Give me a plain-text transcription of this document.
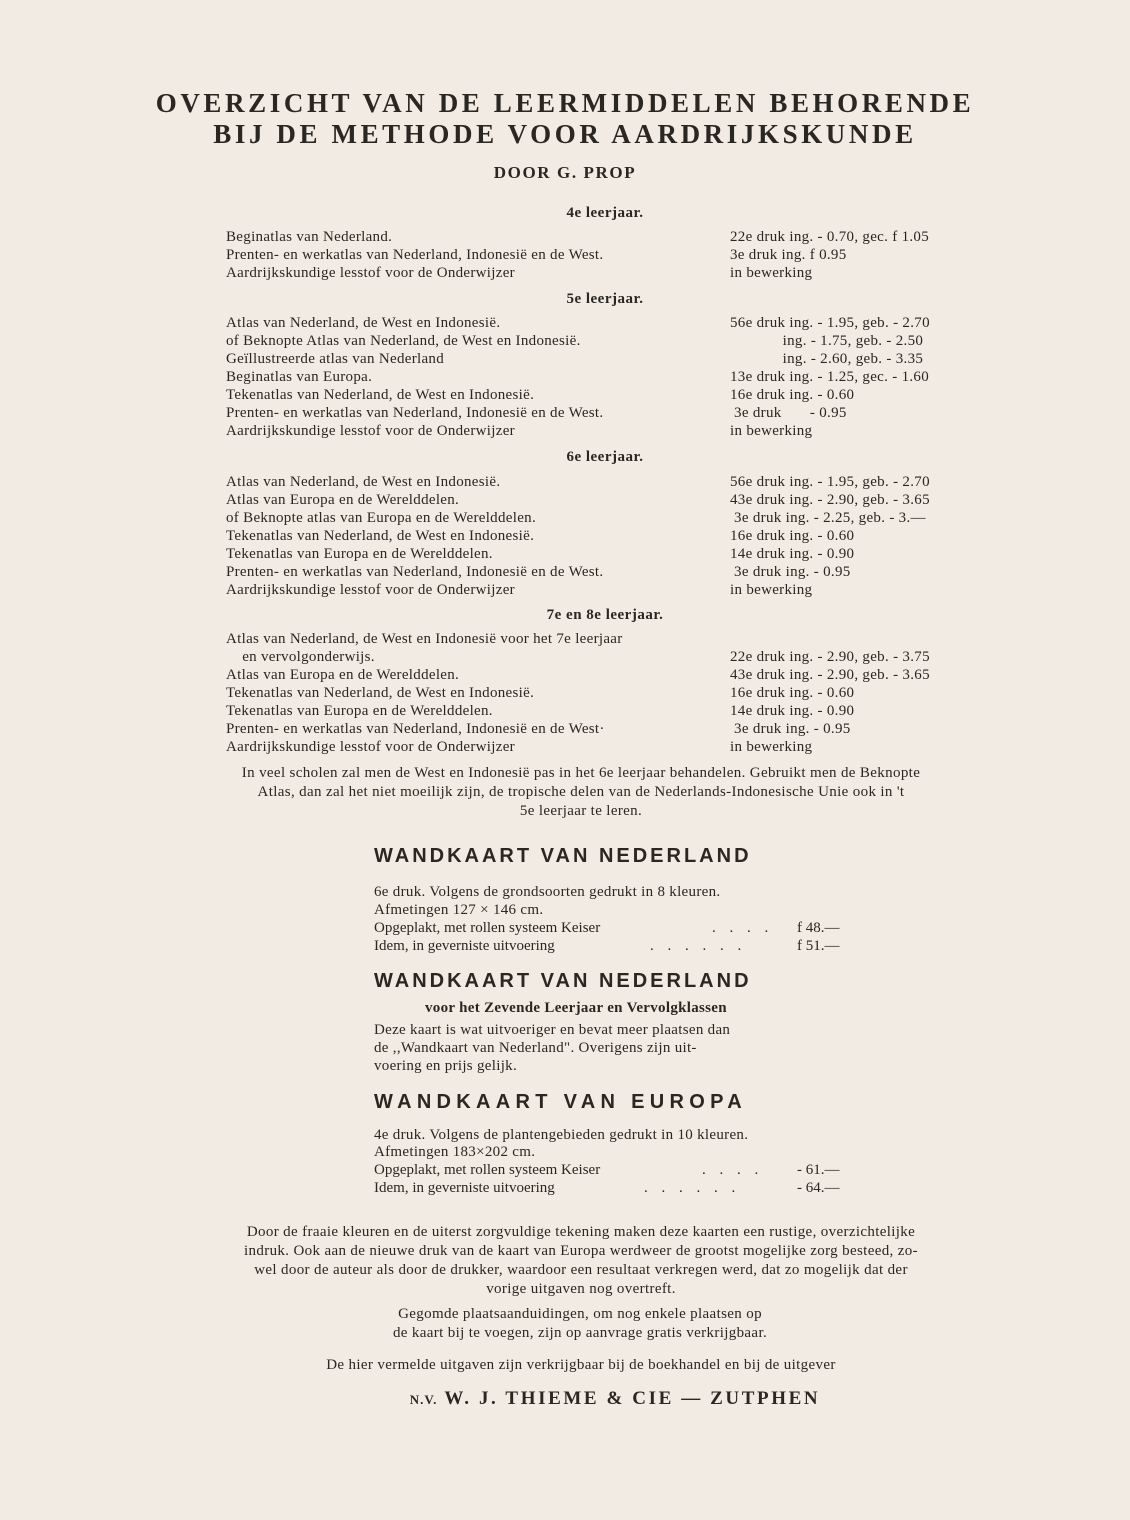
OVERZICHT VAN DE LEERMIDDELEN BEHORENDE
BIJ DE METHODE VOOR AARDRIJKSKUNDE
DOOR G. PROP
4e leerjaar.
Beginatlas van Nederland.	22e druk ing. - 0.70, gec. f 1.05
Prenten- en werkatlas van Nederland, Indonesië en de West.	3e druk ing. f 0.95
Aardrijkskundige lesstof voor de Onderwijzer	in bewerking
5e leerjaar.
Atlas van Nederland, de West en Indonesië.	56e druk ing. - 1.95, geb. - 2.70
of Beknopte Atlas van Nederland, de West en Indonesië.	ing. - 1.75, geb. - 2.50
Geïllustreerde atlas van Nederland	ing. - 2.60, geb. - 3.35
Beginatlas van Europa.	13e druk ing. - 1.25, gec. - 1.60
Tekenatlas van Nederland, de West en Indonesië.	16e druk ing. - 0.60
Prenten- en werkatlas van Nederland, Indonesië en de West.	3e druk       - 0.95
Aardrijkskundige lesstof voor de Onderwijzer	in bewerking
6e leerjaar.
Atlas van Nederland, de West en Indonesië.	56e druk ing. - 1.95, geb. - 2.70
Atlas van Europa en de Werelddelen.	43e druk ing. - 2.90, geb. - 3.65
of Beknopte atlas van Europa en de Werelddelen.	3e druk ing. - 2.25, geb. - 3.—
Tekenatlas van Nederland, de West en Indonesië.	16e druk ing. - 0.60
Tekenatlas van Europa en de Werelddelen.	14e druk ing. - 0.90
Prenten- en werkatlas van Nederland, Indonesië en de West.	3e druk ing. - 0.95
Aardrijkskundige lesstof voor de Onderwijzer	in bewerking
7e en 8e leerjaar.
Atlas van Nederland, de West en Indonesië voor het 7e leerjaar
en vervolgonderwijs.	22e druk ing. - 2.90, geb. - 3.75
Atlas van Europa en de Werelddelen.	43e druk ing. - 2.90, geb. - 3.65
Tekenatlas van Nederland, de West en Indonesië.	16e druk ing. - 0.60
Tekenatlas van Europa en de Werelddelen.	14e druk ing. - 0.90
Prenten- en werkatlas van Nederland, Indonesië en de West·	3e druk ing. - 0.95
Aardrijkskundige lesstof voor de Onderwijzer	in bewerking
In veel scholen zal men de West en Indonesië pas in het 6e leerjaar behandelen. Gebruikt men de Beknopte
Atlas, dan zal het niet moeilijk zijn, de tropische delen van de Nederlands-Indonesische Unie ook in 't
5e leerjaar te leren.
WANDKAART VAN NEDERLAND
6e druk. Volgens de grondsoorten gedrukt in 8 kleuren.
Afmetingen 127 × 146 cm.
Opgeplakt, met rollen systeem Keiser	. . . . f 48.—
Idem, in geverniste uitvoering	. . . . . .	f 51.—
WANDKAART VAN NEDERLAND
voor het Zevende Leerjaar en Vervolgklassen
Deze kaart is wat uitvoeriger en bevat meer plaatsen dan
de ,,Wandkaart van Nederland". Overigens zijn uit-
voering en prijs gelijk.
WANDKAART VAN EUROPA
4e druk. Volgens de plantengebieden gedrukt in 10 kleuren.
Afmetingen 183×202 cm.
Opgeplakt, met rollen systeem Keiser	. . . . - 61.—
Idem, in geverniste uitvoering	. . . . . .	- 64.—
Door de fraaie kleuren en de uiterst zorgvuldige tekening maken deze kaarten een rustige, overzichtelijke
indruk. Ook aan de nieuwe druk van de kaart van Europa werdweer de grootst mogelijke zorg besteed, zo-
wel door de auteur als door de drukker, waardoor een resultaat verkregen werd, dat zo mogelijk dat der
vorige uitgaven nog overtreft.
Gegomde plaatsaanduidingen, om nog enkele plaatsen op
de kaart bij te voegen, zijn op aanvrage gratis verkrijgbaar.
De hier vermelde uitgaven zijn verkrijgbaar bij de boekhandel en bij de uitgever
N.V. W. J. THIEME & CIE — ZUTPHEN
